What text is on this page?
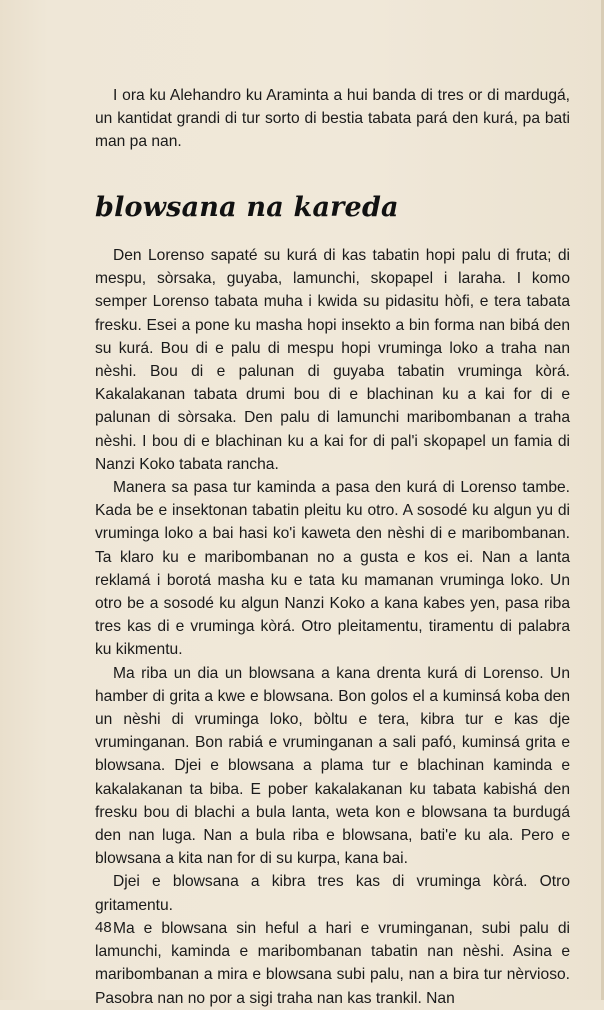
I ora ku Alehandro ku Araminta a hui banda di tres or di mardugá, un kantidat grandi di tur sorto di bestia tabata pará den kurá, pa bati man pa nan.

blowsana na kareda

Den Lorenso sapaté su kurá di kas tabatin hopi palu di fruta; di mespu, sòrsaka, guyaba, lamunchi, skopapel i laraha. I komo semper Lorenso tabata muha i kwida su pidasitu hòfi, e tera tabata fresku. Esei a pone ku masha hopi insekto a bin forma nan bibá den su kurá. Bou di e palu di mespu hopi vruminga loko a traha nan nèshi. Bou di e palunan di guyaba tabatin vruminga kòrá. Kakalakanan tabata drumi bou di e blachinan ku a kai for di e palunan di sòrsaka. Den palu di lamunchi maribombanan a traha nèshi. I bou di e blachinan ku a kai for di pal'i skopapel un famia di Nanzi Koko tabata rancha.

Manera sa pasa tur kaminda a pasa den kurá di Lorenso tambe. Kada be e insektonan tabatin pleitu ku otro. A sosodé ku algun yu di vruminga loko a bai hasi ko'i kaweta den nèshi di e maribombanan. Ta klaro ku e maribombanan no a gusta e kos ei. Nan a lanta reklamá i borotá masha ku e tata ku mamanan vruminga loko. Un otro be a sosodé ku algun Nanzi Koko a kana kabes yen, pasa riba tres kas di e vruminga kòrá. Otro pleitamentu, tiramentu di palabra ku kikmentu.

Ma riba un dia un blowsana a kana drenta kurá di Lorenso. Un hamber di grita a kwe e blowsana. Bon golos el a kuminsá koba den un nèshi di vruminga loko, bòltu e tera, kibra tur e kas dje vruminganan. Bon rabiá e vruminganan a sali pafó, kuminsá grita e blowsana. Djei e blowsana a plama tur e blachinan kaminda e kakalakanan ta biba. E pober kakalakanan ku tabata kabishá den fresku bou di blachi a bula lanta, weta kon e blowsana ta burdugá den nan luga. Nan a bula riba e blowsana, bati'e ku ala. Pero e blowsana a kita nan for di su kurpa, kana bai.

Djei e blowsana a kibra tres kas di vruminga kòrá. Otro gritamentu.

Ma e blowsana sin heful a hari e vruminganan, subi palu di lamunchi, kaminda e maribombanan tabatin nan nèshi. Asina e maribombanan a mira e blowsana subi palu, nan a bira tur nèrvioso. Pasobra nan no por a sigi traha nan kas trankil. Nan

48
